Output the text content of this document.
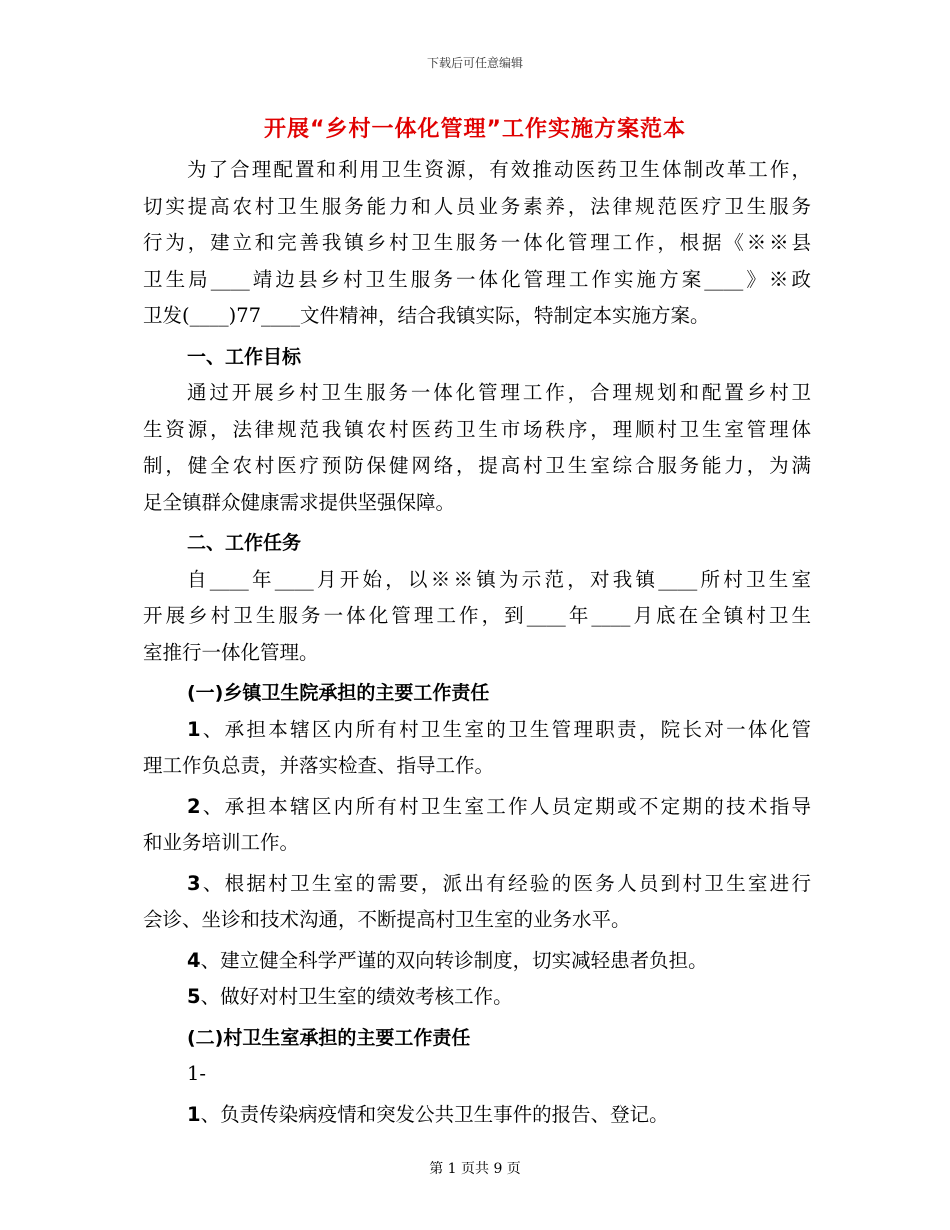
下载后可任意编辑
开展“乡村一体化管理”工作实施方案范本
为了合理配置和利用卫生资源，有效推动医药卫生体制改革工作，
切实提高农村卫生服务能力和人员业务素养，法律规范医疗卫生服务
行为，建立和完善我镇乡村卫生服务一体化管理工作，根据《※※县
卫生局____靖边县乡村卫生服务一体化管理工作实施方案____》※政
卫发(____)77____文件精神，结合我镇实际，特制定本实施方案。
一、工作目标
通过开展乡村卫生服务一体化管理工作，合理规划和配置乡村卫
生资源，法律规范我镇农村医药卫生市场秩序，理顺村卫生室管理体
制，健全农村医疗预防保健网络，提高村卫生室综合服务能力，为满
足全镇群众健康需求提供坚强保障。
二、工作任务
自____年____月开始，以※※镇为示范，对我镇____所村卫生室
开展乡村卫生服务一体化管理工作，到____年____月底在全镇村卫生
室推行一体化管理。
(一)乡镇卫生院承担的主要工作责任
1、承担本辖区内所有村卫生室的卫生管理职责，院长对一体化管
理工作负总责，并落实检查、指导工作。
2、承担本辖区内所有村卫生室工作人员定期或不定期的技术指导
和业务培训工作。
3、根据村卫生室的需要，派出有经验的医务人员到村卫生室进行
会诊、坐诊和技术沟通，不断提高村卫生室的业务水平。
4、建立健全科学严谨的双向转诊制度，切实减轻患者负担。
5、做好对村卫生室的绩效考核工作。
(二)村卫生室承担的主要工作责任
1-
1、负责传染病疫情和突发公共卫生事件的报告、登记。
第 1 页共 9 页
